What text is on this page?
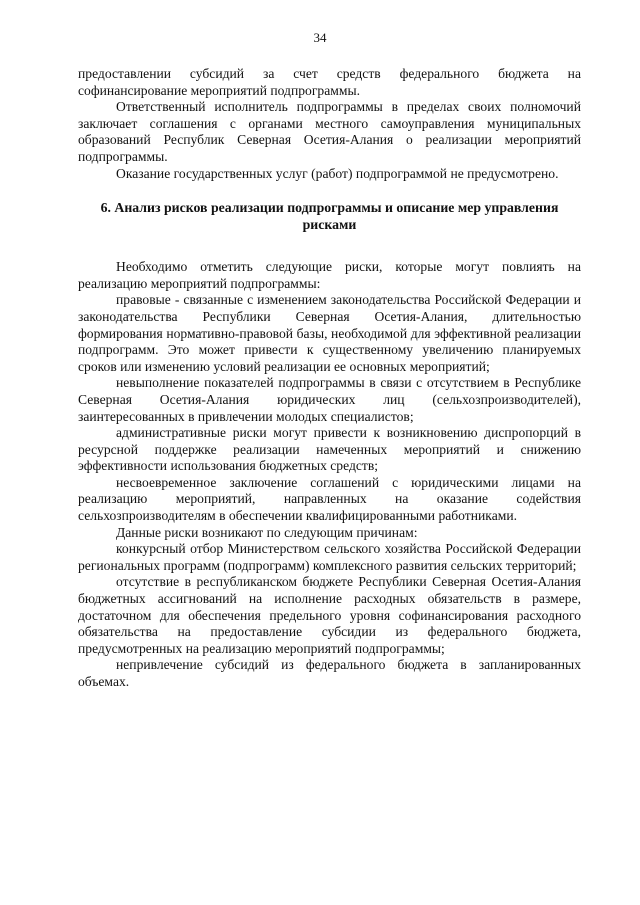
34

предоставлении субсидий за счет средств федерального бюджета на софинансирование мероприятий подпрограммы.

Ответственный исполнитель подпрограммы в пределах своих полномочий заключает соглашения с органами местного самоуправления муниципальных образований Республик Северная Осетия-Алания о реализации мероприятий подпрограммы.

Оказание государственных услуг (работ) подпрограммой не предусмотрено.

6. Анализ рисков реализации подпрограммы и описание мер управления рисками

Необходимо отметить следующие риски, которые могут повлиять на реализацию мероприятий подпрограммы:

правовые - связанные с изменением законодательства Российской Федерации и законодательства Республики Северная Осетия-Алания, длительностью формирования нормативно-правовой базы, необходимой для эффективной реализации подпрограмм. Это может привести к существенному увеличению планируемых сроков или изменению условий реализации ее основных мероприятий;

невыполнение показателей подпрограммы в связи с отсутствием в Республике Северная Осетия-Алания юридических лиц (сельхозпроизводителей), заинтересованных в привлечении молодых специалистов;

административные риски могут привести к возникновению диспропорций в ресурсной поддержке реализации намеченных мероприятий и снижению эффективности использования бюджетных средств;

несвоевременное заключение соглашений с юридическими лицами на реализацию мероприятий, направленных на оказание содействия сельхозпроизводителям в обеспечении квалифицированными работниками.

Данные риски возникают по следующим причинам:

конкурсный отбор Министерством сельского хозяйства Российской Федерации региональных программ (подпрограмм) комплексного развития сельских территорий;

отсутствие в республиканском бюджете Республики Северная Осетия-Алания бюджетных ассигнований на исполнение расходных обязательств в размере, достаточном для обеспечения предельного уровня софинансирования расходного обязательства на предоставление субсидии из федерального бюджета, предусмотренных на реализацию мероприятий подпрограммы;

непривлечение субсидий из федерального бюджета в запланированных объемах.
